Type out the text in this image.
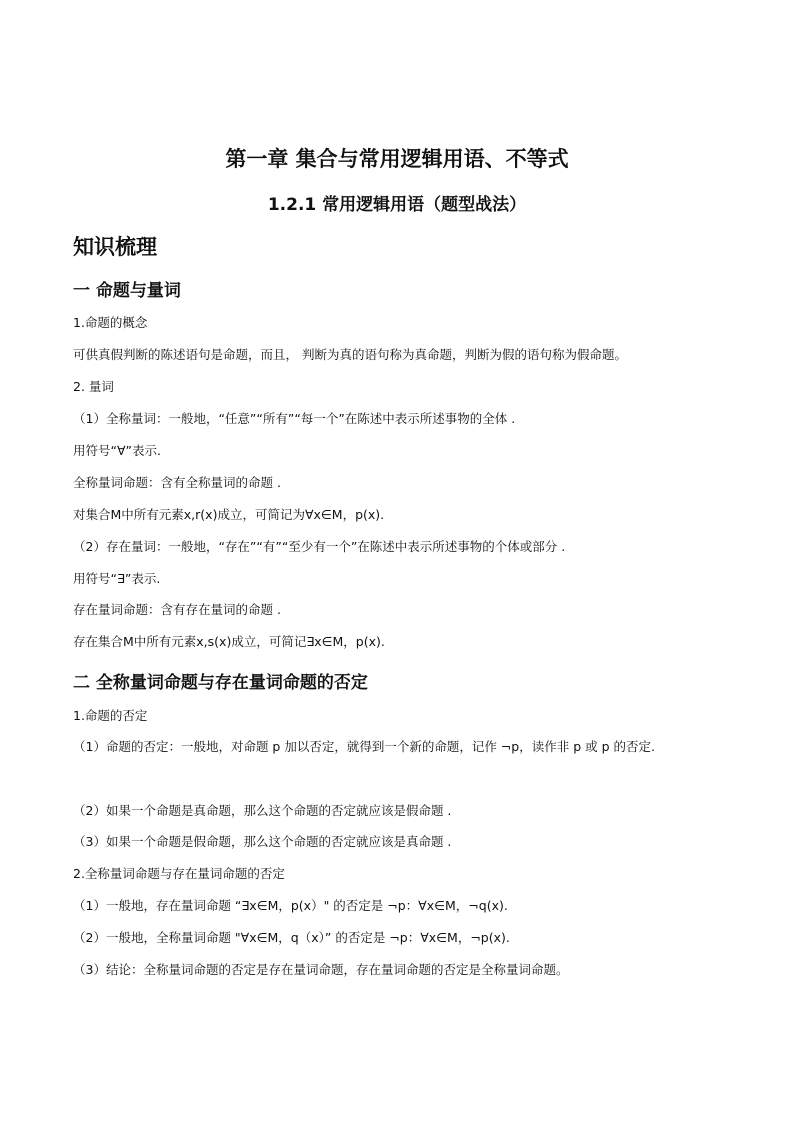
第一章 集合与常用逻辑用语、不等式
1.2.1 常用逻辑用语（题型战法）
知识梳理
一 命题与量词
1.命题的概念
可供真假判断的陈述语句是命题，而且， 判断为真的语句称为真命题，判断为假的语句称为假命题。
2. 量词
（1）全称量词：一般地，“任意”“所有”“每一个”在陈述中表示所述事物的全体 .
用符号“∀”表示.
全称量词命题：含有全称量词的命题 .
对集合M中所有元素x,r(x)成立，可简记为∀x∈M，p(x).
（2）存在量词：一般地，“存在”“有”“至少有一个”在陈述中表示所述事物的个体或部分 .
用符号“∃”表示.
存在量词命题：含有存在量词的命题 .
存在集合M中所有元素x,s(x)成立，可简记∃x∈M，p(x).
二 全称量词命题与存在量词命题的否定
1.命题的否定
（1）命题的否定：一般地，对命题 p 加以否定，就得到一个新的命题，记作 ¬p，读作非 p 或 p 的否定.
（2）如果一个命题是真命题，那么这个命题的否定就应该是假命题 .
（3）如果一个命题是假命题，那么这个命题的否定就应该是真命题 .
2.全称量词命题与存在量词命题的否定
（1）一般地，存在量词命题 “∃x∈M，p(x）" 的否定是 ¬p：∀x∈M，¬q(x).
（2）一般地，全称量词命题 "∀x∈M，q（x）” 的否定是 ¬p：∀x∈M，¬p(x).
（3）结论：全称量词命题的否定是存在量词命题，存在量词命题的否定是全称量词命题。
